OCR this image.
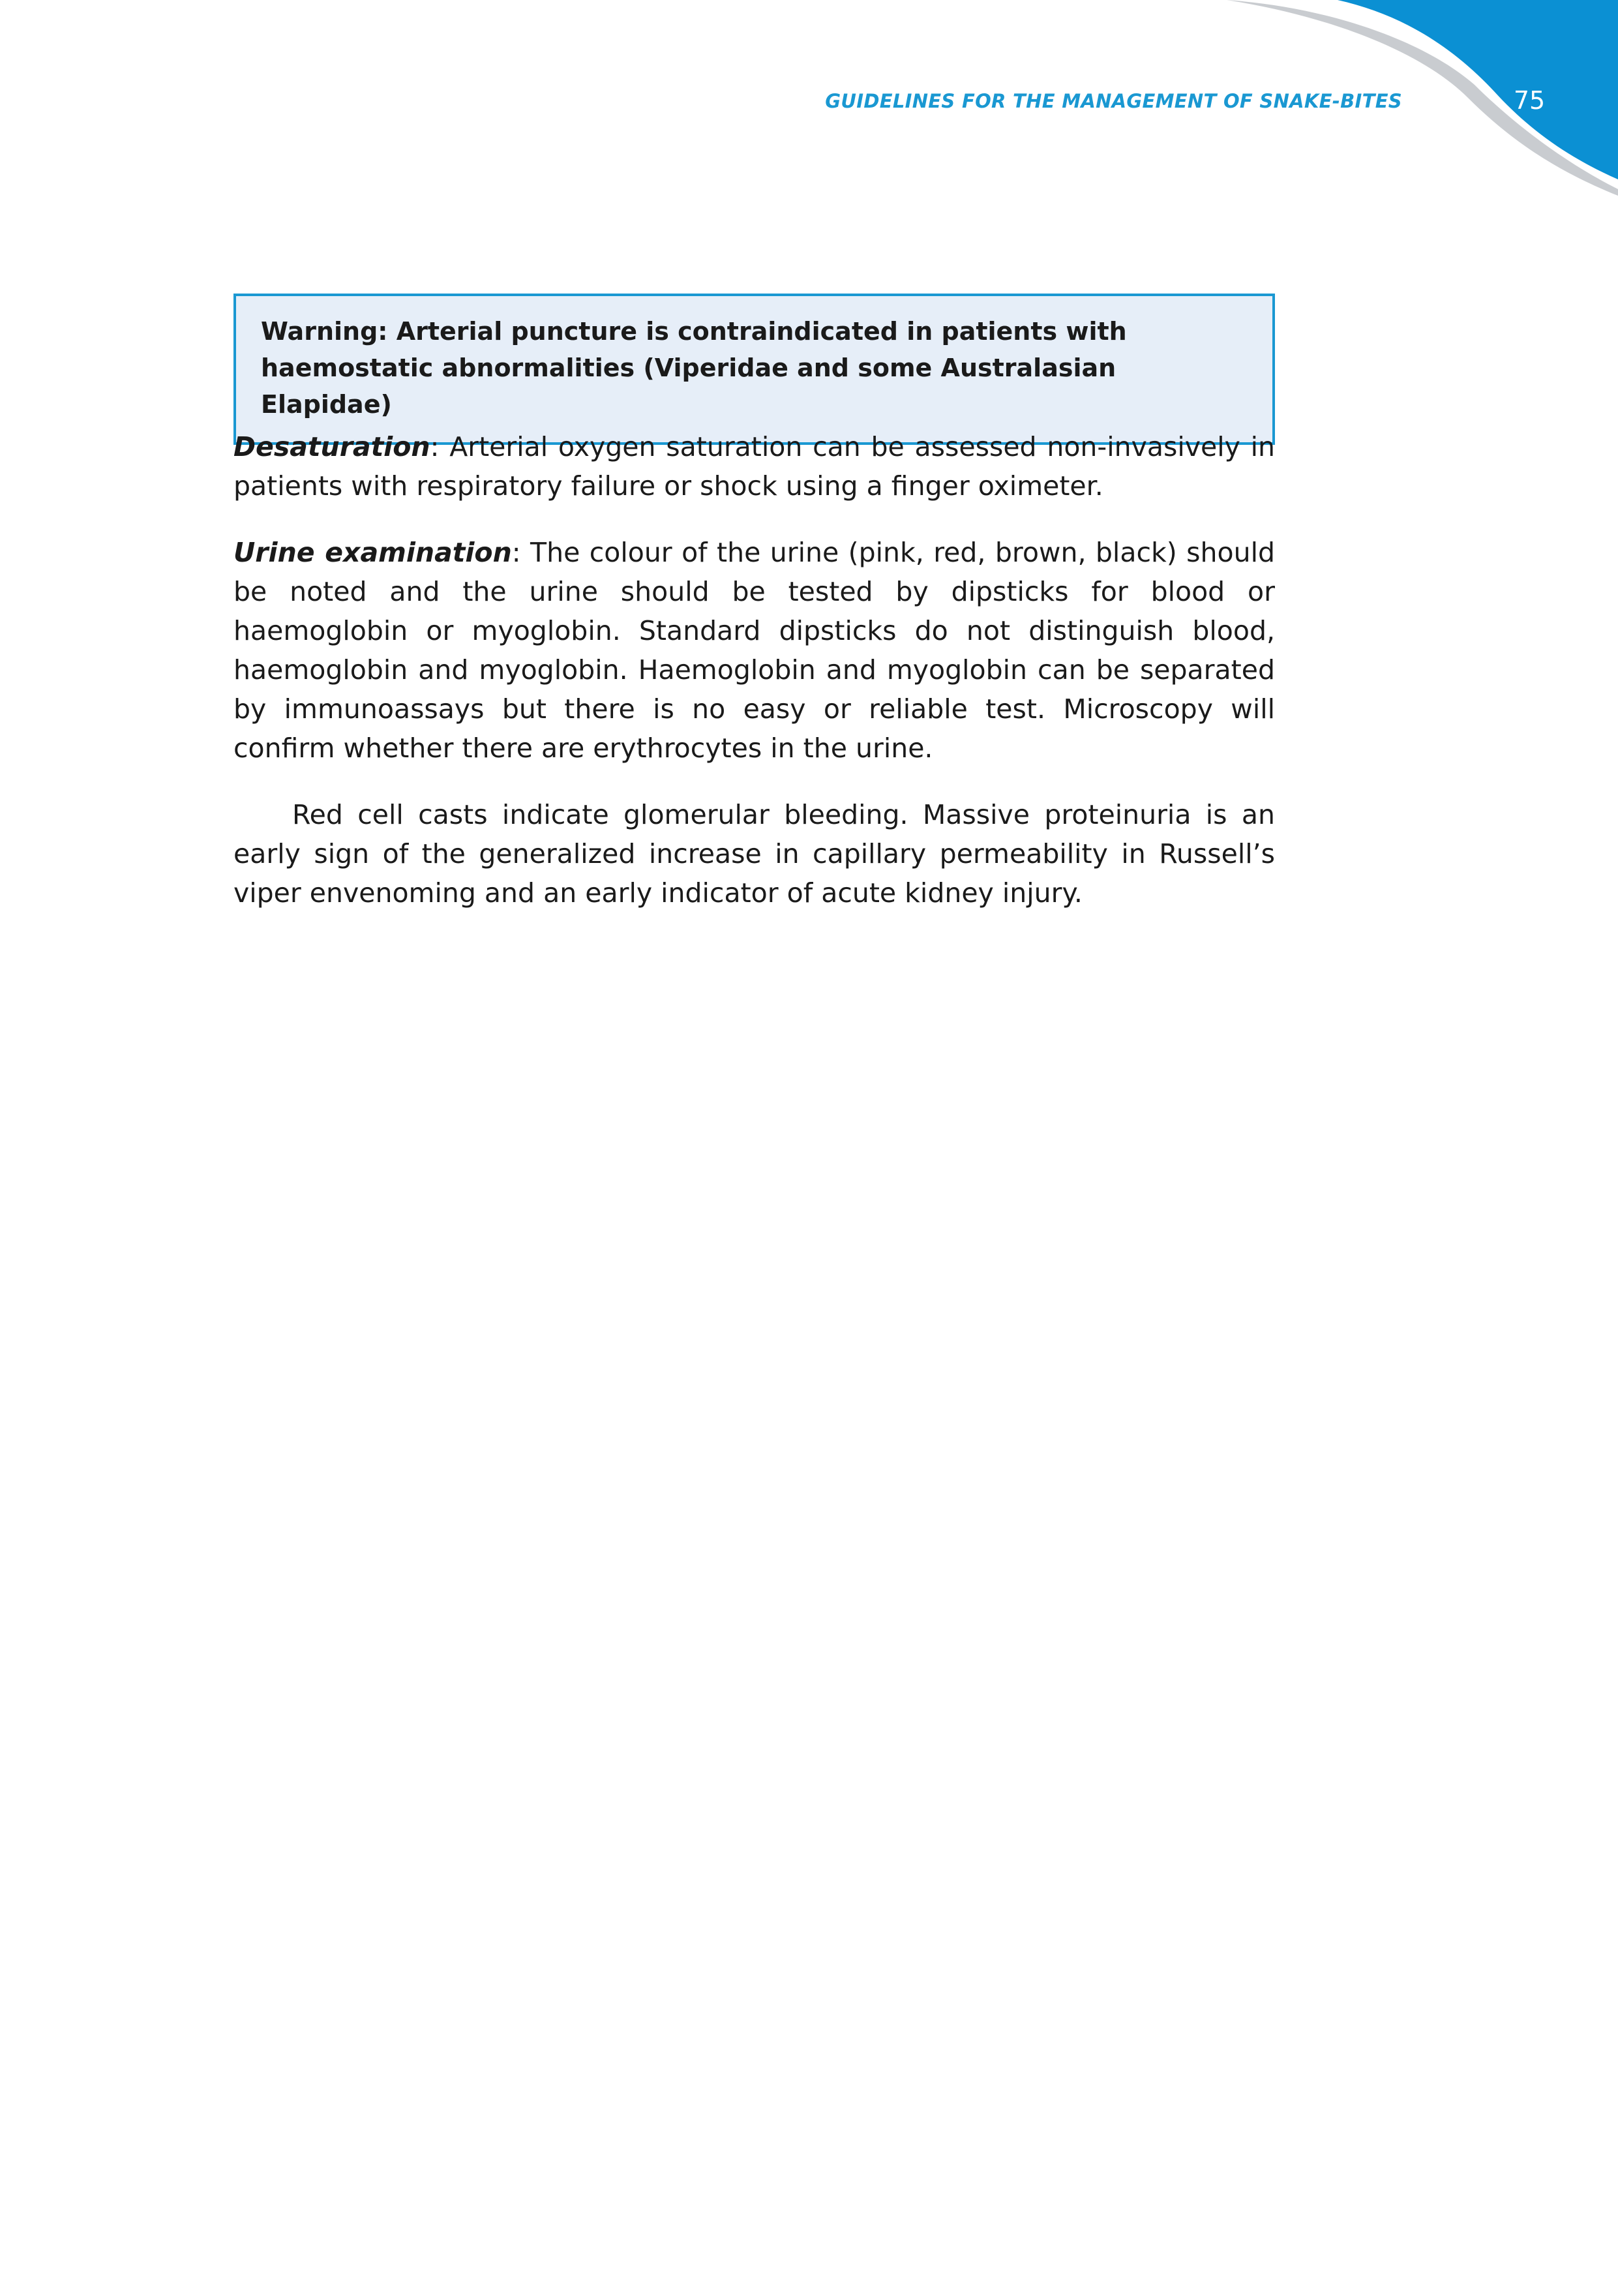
GUIDELINES FOR THE MANAGEMENT OF SNAKE-BITES	75
Warning: Arterial puncture is contraindicated in patients with haemostatic abnormalities (Viperidae and some Australasian Elapidae)

Desaturation: Arterial oxygen saturation can be assessed non-invasively in patients with respiratory failure or shock using a finger oximeter.

Urine examination: The colour of the urine (pink, red, brown, black) should be noted and the urine should be tested by dipsticks for blood or haemoglobin or myoglobin. Standard dipsticks do not distinguish blood, haemoglobin and myoglobin. Haemoglobin and myoglobin can be separated by immunoassays but there is no easy or reliable test. Microscopy will confirm whether there are erythrocytes in the urine.

Red cell casts indicate glomerular bleeding. Massive proteinuria is an early sign of the generalized increase in capillary permeability in Russell’s viper envenoming and an early indicator of acute kidney injury.
